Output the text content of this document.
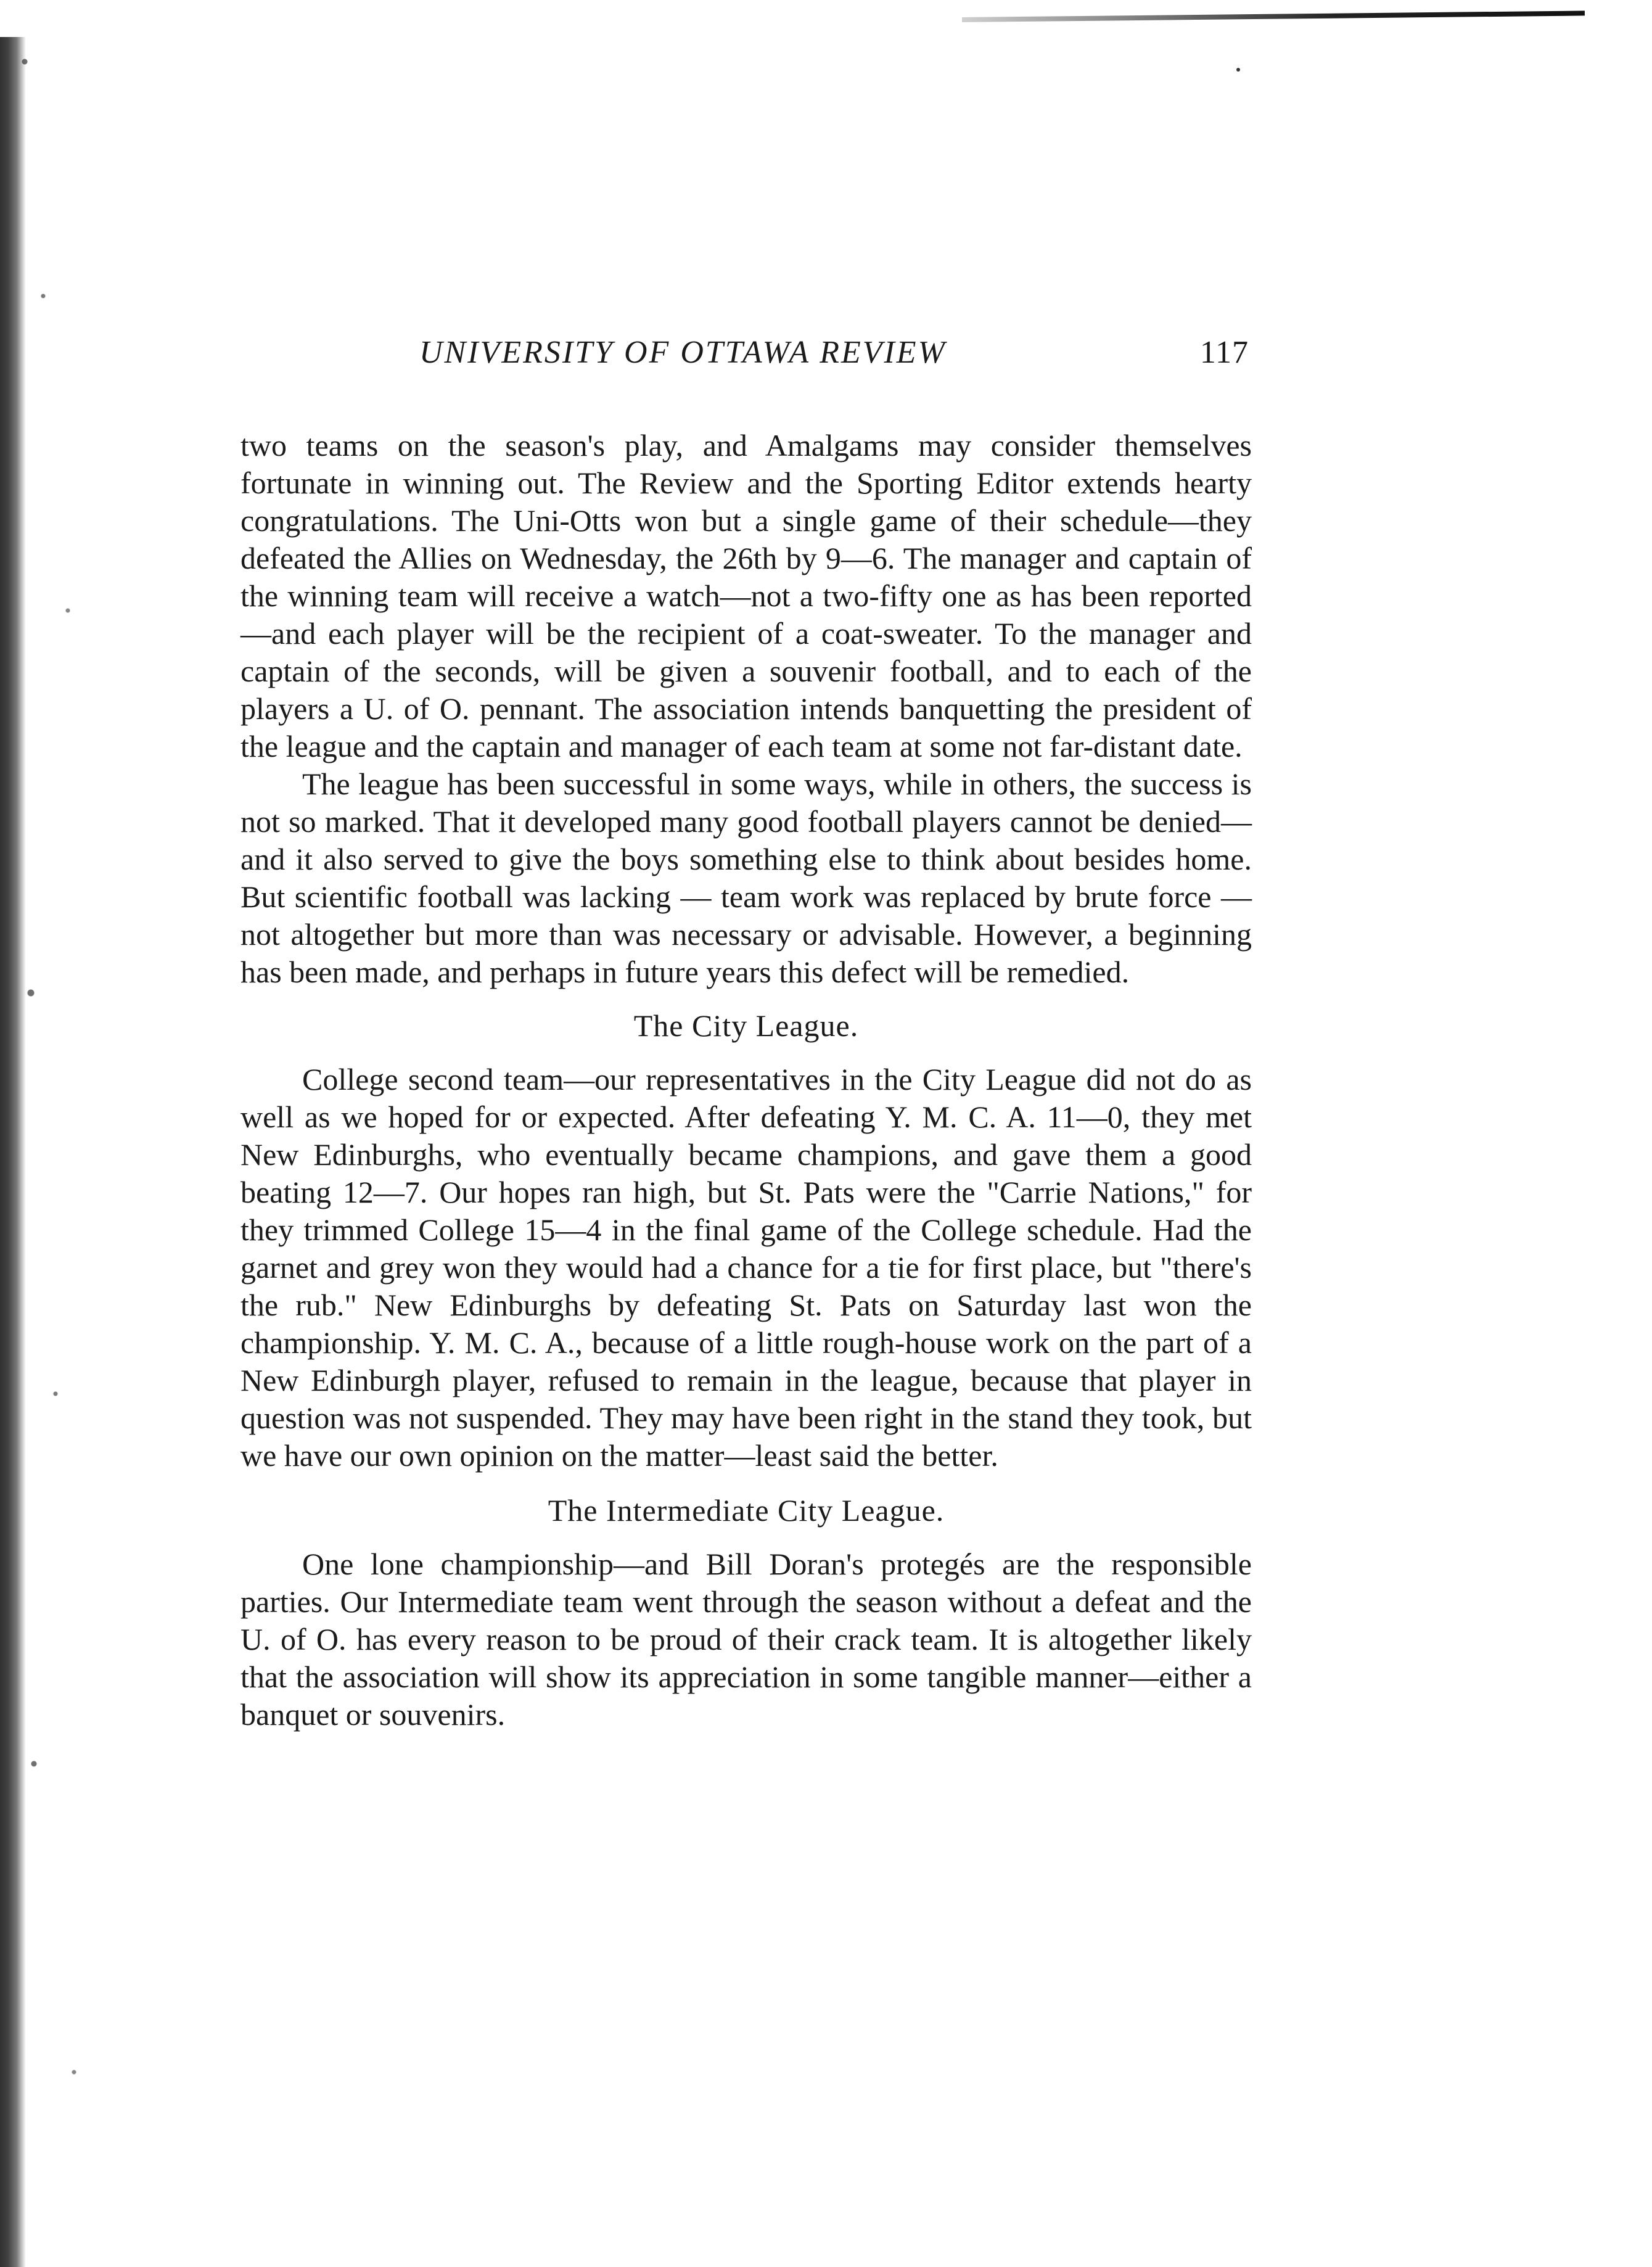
UNIVERSITY OF OTTAWA REVIEW	117

two teams on the season's play, and Amalgams may consider themselves fortunate in winning out. The Review and the Sporting Editor extends hearty congratulations. The Uni-Otts won but a single game of their schedule—they defeated the Allies on Wednesday, the 26th by 9—6. The manager and captain of the winning team will receive a watch—not a two-fifty one as has been reported —and each player will be the recipient of a coat-sweater. To the manager and captain of the seconds, will be given a souvenir football, and to each of the players a U. of O. pennant. The association intends banquetting the president of the league and the captain and manager of each team at some not far-distant date.

The league has been successful in some ways, while in others, the success is not so marked. That it developed many good football players cannot be denied—and it also served to give the boys something else to think about besides home. But scientific football was lacking — team work was replaced by brute force — not altogether but more than was necessary or advisable. However, a beginning has been made, and perhaps in future years this defect will be remedied.

The City League.

College second team—our representatives in the City League did not do as well as we hoped for or expected. After defeating Y. M. C. A. 11—0, they met New Edinburghs, who eventually became champions, and gave them a good beating 12—7. Our hopes ran high, but St. Pats were the "Carrie Nations," for they trimmed College 15—4 in the final game of the College schedule. Had the garnet and grey won they would had a chance for a tie for first place, but "there's the rub." New Edinburghs by defeating St. Pats on Saturday last won the championship. Y. M. C. A., because of a little rough-house work on the part of a New Edinburgh player, refused to remain in the league, because that player in question was not suspended. They may have been right in the stand they took, but we have our own opinion on the matter—least said the better.

The Intermediate City League.

One lone championship—and Bill Doran's protegés are the responsible parties. Our Intermediate team went through the season without a defeat and the U. of O. has every reason to be proud of their crack team. It is altogether likely that the association will show its appreciation in some tangible manner—either a banquet or souvenirs.
